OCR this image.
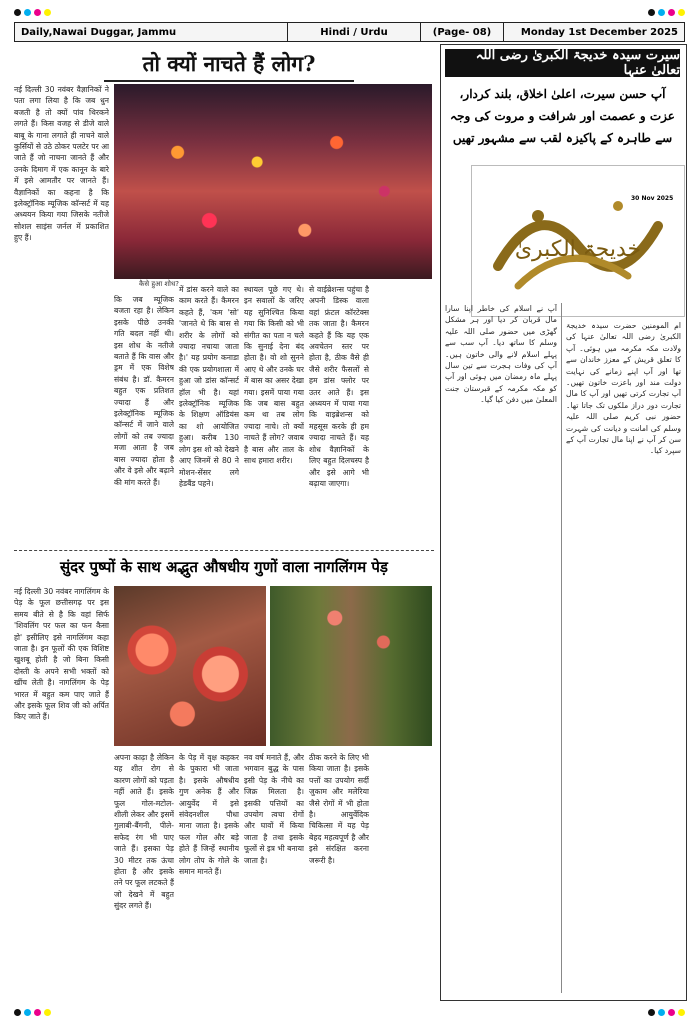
Daily,Nawai Duggar, Jammu	Hindi / Urdu	(Page- 08)	Monday 1st December 2025
तो क्यों नाचते हैं लोग?
नई दिल्ली 30 नवंबर वैज्ञानिकों ने पता लगा लिया है कि जब धुन बजती है तो क्यों पांव थिरकने लगते हैं। किस वजह से डीजे वाले बाबू के गाना लगाते ही नाचने वाले कुर्सियों से उठे ठोकर पलटेर पर आ जाते हैं जो नाचना जानते हैं और उनके दिमाग में एक कानून के बारे में इसे आमतौर पर जानते हैं। वैज्ञानिकों का कहना है कि इलेक्ट्रॉनिक म्यूजिक कॉन्सर्ट में यह अध्ययन किया गया जिसके नतीजे सोशल साइंस जर्नल में प्रकाशित हुए हैं।
कैसे हुआ शोध?
कि जब म्यूजिक बजता रहा है। लेकिन इसके पीछे उनकी गति बदल नहीं थी। इस शोध के नतीजे बताते हैं कि वास और ड्रम में एक विशेष संबंध है। डॉ. कैमरन बहुत एक प्रतिशत ज्यादा हैं और इलेक्ट्रॉनिक म्यूजिक कॉन्सर्ट में जाने वाले लोगों को तब ज्यादा मजा आता है जब बास ज्यादा होता है और वे इसे और बढ़ाने की मांग करते हैं।
में डांस करने वाले का काम करते हैं। कैमरन कहते हैं, 'कम 'सो' 'जानते थे कि बास से शरीर के लोगों को ज्यादा नचाया जाता है।' यह प्रयोग कनाडा की एक प्रयोगशाला में हुआ जो डांस कॉन्सर्ट हॉल भी है। यहां इलेक्ट्रॉनिक म्यूजिक के शिक्षण ऑडियंस का शो आयोजित हुआ। करीब 130 लोग इस शो को देखने आए जिनमें से 80 ने मोशन-सेंसर लगे हेडबैंड पहने।
स्थायल पूछे गए थे। इन सवालों के जरिए यह सुनिश्चित किया गया कि किसी को भी संगीत का पता न चले कि सुनाई देना बंद होता है। वो शो सुनने आए थे और उनके घर में बास का असर देखा गया। इसमें पाया गया कि जब बास बहुत कम था तब लोग ज्यादा नाचे। तो क्यों नाचते हैं लोग? जवाब है बास और ताल के साथ हमारा शरीर।
से वाईब्रेशन्स पहुंचा है अपनी डिस्क वाला वहां फ्रंटल कॉरटेक्स तक जाता है। कैमरन कहते हैं कि यह एक अवचेतन स्तर पर होता है, ठीक वैसे ही जैसे शरीर फैसलों से हम डांस फ्लोर पर उतर आते हैं। इस अध्ययन में पाया गया कि वाइब्रेशन्स को महसूस करके ही हम ज्यादा नाचते हैं। यह शोध वैज्ञानिकों के लिए बहुत दिलचस्प है और इसे आगे भी बढ़ाया जाएगा।
सुंदर पुष्पों के साथ अद्भुत औषधीय गुणों वाला नागलिंगम पेड़
नई दिल्ली 30 नवंबर नागलिंगम के पेड़ के फूल छत्तीसगढ़ पर इस समय बीते से है कि वहां सिर्फ 'शिवलिंग पर फल का फन कैसा हो' इसीलिए इसे नागलिंगम कहा जाता है। इन फूलों की एक विशिष्ट खुशबू होती है जो बिना किसी दोस्ती के अपने सभी भक्तों को खींच लेती है। नागलिंगम के पेड़ भारत में बहुत कम पाए जाते हैं और इसके फूल शिव जी को अर्पित किए जाते हैं।
अपना काढ़ा है लेकिन यह शीत रोग से कारण लोगों को पड़ता नहीं आते हैं। इसके फूल गोल-मटोल-शीली लेकर और इसमें गुलाबी-बैंगनी, पीले-सफेद रंग भी पाए जाते हैं। इसका पेड़ 30 मीटर तक ऊंचा होता है और इसके तने पर फूल लटकते हैं जो देखने में बहुत सुंदर लगते हैं।
के पेड़ में वृक्ष कहकर के पुकारा भी जाता है। इसके औषधीय गुण अनेक हैं और आयुर्वेद में इसे संवेदनशील पौधा माना जाता है। इसके फल गोल और बड़े होते हैं जिन्हें स्थानीय लोग तोप के गोले के समान मानते हैं।
नव वर्ष मनाते हैं, और भगवान बुद्ध के पास इसी पेड़ के नीचे का जिक्र मिलता है। इसकी पत्तियों का उपयोग त्वचा रोगों और घावों में किया जाता है तथा इसके फूलों से इत्र भी बनाया जाता है।
ठीक करने के लिए भी किया जाता है। इसके पत्तों का उपयोग सर्दी जुकाम और मलेरिया जैसे रोगों में भी होता है। आयुर्वेदिक चिकित्सा में यह पेड़ बेहद महत्वपूर्ण है और इसे संरक्षित करना जरूरी है।
سیرت سیدہ خدیجۃ الکبریٰ رضی اللہ تعالیٰ عنہا
آپ حسن سیرت، اعلیٰ اخلاق، بلند کردار، عزت و عصمت اور شرافت و مروت کی وجہ سے طاہرہ کے پاکیزہ لقب سے مشہور تھیں
خدیجۃ الکبریٰ
30 Nov 2025
ام المومنین حضرت سیدہ خدیجۃ الکبریٰ رضی اللہ تعالیٰ عنہا کی ولادت مکہ مکرمہ میں ہوئی۔ آپ کا تعلق قریش کے معزز خاندان سے تھا اور آپ اپنے زمانے کی نہایت دولت مند اور باعزت خاتون تھیں۔ آپ تجارت کرتی تھیں اور آپ کا مال تجارت دور دراز ملکوں تک جاتا تھا۔ حضور نبی کریم صلی اللہ علیہ وسلم کی امانت و دیانت کی شہرت سن کر آپ نے اپنا مال تجارت آپ کے سپرد کیا۔
آپ نے اسلام کی خاطر اپنا سارا مال قربان کر دیا اور ہر مشکل گھڑی میں حضور صلی اللہ علیہ وسلم کا ساتھ دیا۔ آپ سب سے پہلے اسلام لانے والی خاتون ہیں۔ آپ کی وفات ہجرت سے تین سال پہلے ماہ رمضان میں ہوئی اور آپ کو مکہ مکرمہ کے قبرستان جنت المعلیٰ میں دفن کیا گیا۔
